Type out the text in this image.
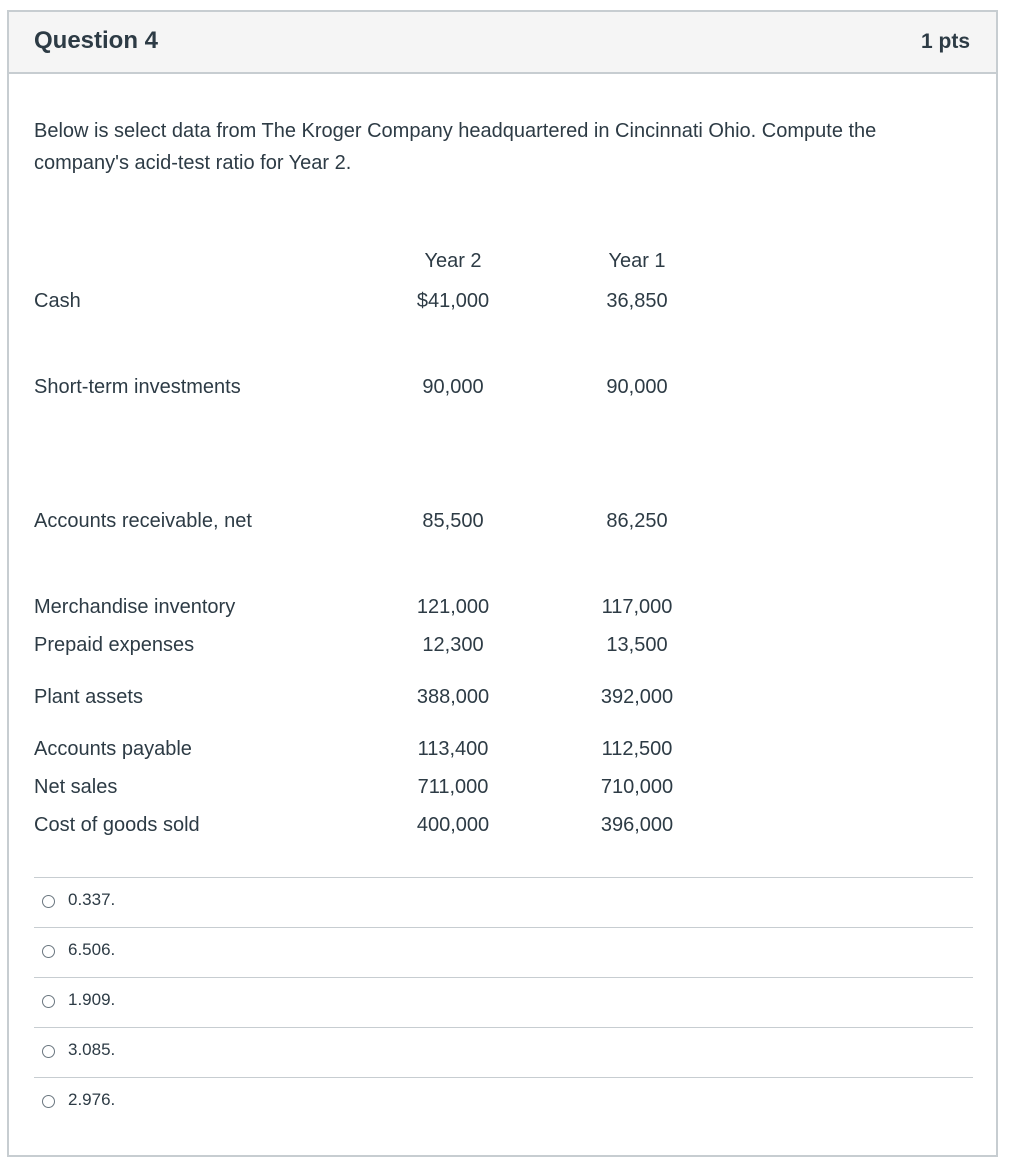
Question 4	1 pts
Below is select data from The Kroger Company headquartered in Cincinnati Ohio. Compute the company's acid-test ratio for Year 2.
Year 2	Year 1
Cash	$41,000	36,850
Short-term investments	90,000	90,000
Accounts receivable, net	85,500	86,250
Merchandise inventory	121,000	117,000
Prepaid expenses	12,300	13,500
Plant assets	388,000	392,000
Accounts payable	113,400	112,500
Net sales	711,000	710,000
Cost of goods sold	400,000	396,000
0.337.
6.506.
1.909.
3.085.
2.976.
